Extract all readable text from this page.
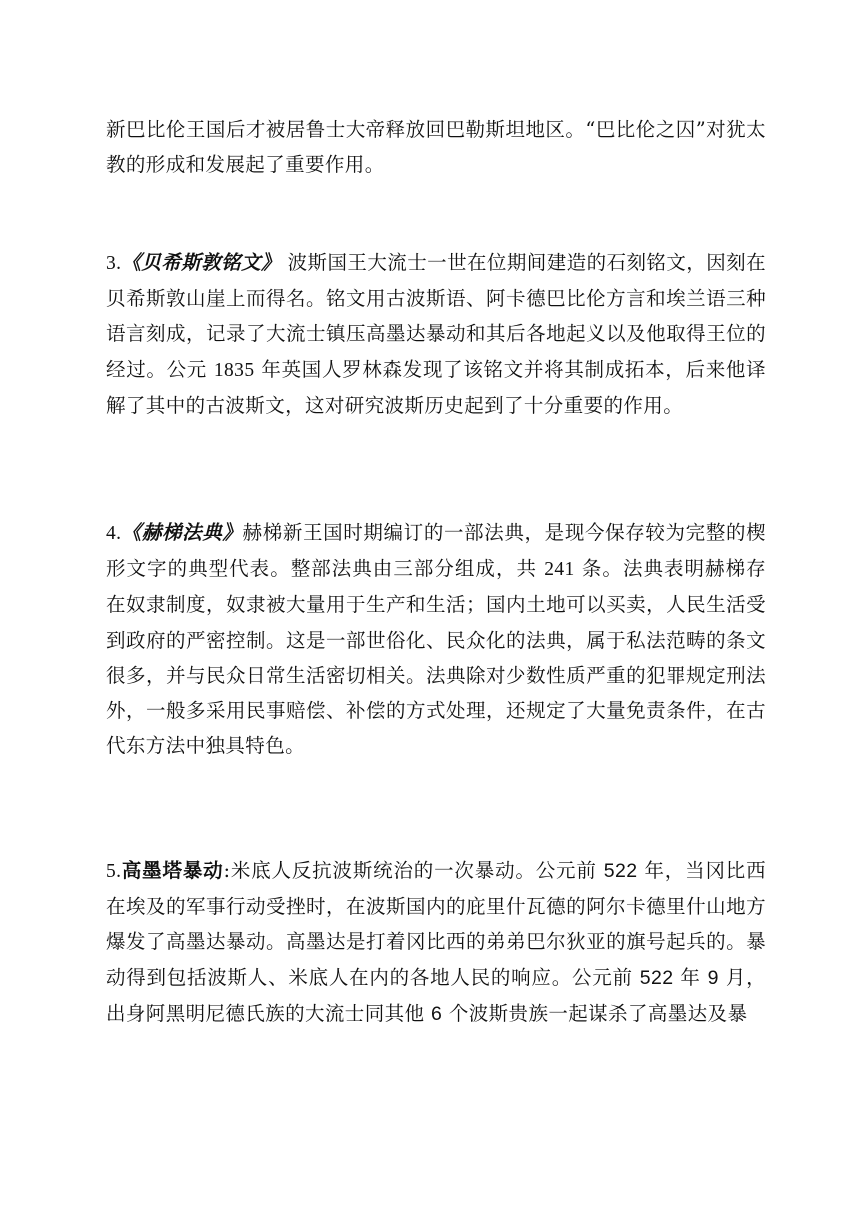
新巴比伦王国后才被居鲁士大帝释放回巴勒斯坦地区。“巴比伦之囚”对犹太教的形成和发展起了重要作用。

3.《贝希斯敦铭文》 波斯国王大流士一世在位期间建造的石刻铭文，因刻在贝希斯敦山崖上而得名。铭文用古波斯语、阿卡德巴比伦方言和埃兰语三种语言刻成，记录了大流士镇压高墨达暴动和其后各地起义以及他取得王位的经过。公元 1835 年英国人罗林森发现了该铭文并将其制成拓本，后来他译解了其中的古波斯文，这对研究波斯历史起到了十分重要的作用。

4.《赫梯法典》赫梯新王国时期编订的一部法典，是现今保存较为完整的楔形文字的典型代表。整部法典由三部分组成，共 241 条。法典表明赫梯存在奴隶制度，奴隶被大量用于生产和生活；国内土地可以买卖，人民生活受到政府的严密控制。这是一部世俗化、民众化的法典，属于私法范畴的条文很多，并与民众日常生活密切相关。法典除对少数性质严重的犯罪规定刑法外，一般多采用民事赔偿、补偿的方式处理，还规定了大量免责条件，在古代东方法中独具特色。

5.高墨塔暴动:米底人反抗波斯统治的一次暴动。公元前 522 年，当冈比西在埃及的军事行动受挫时，在波斯国内的庇里什瓦德的阿尔卡德里什山地方爆发了高墨达暴动。高墨达是打着冈比西的弟弟巴尔狄亚的旗号起兵的。暴动得到包括波斯人、米底人在内的各地人民的响应。公元前 522 年 9 月，出身阿黑明尼德氏族的大流士同其他 6 个波斯贵族一起谋杀了高墨达及暴
